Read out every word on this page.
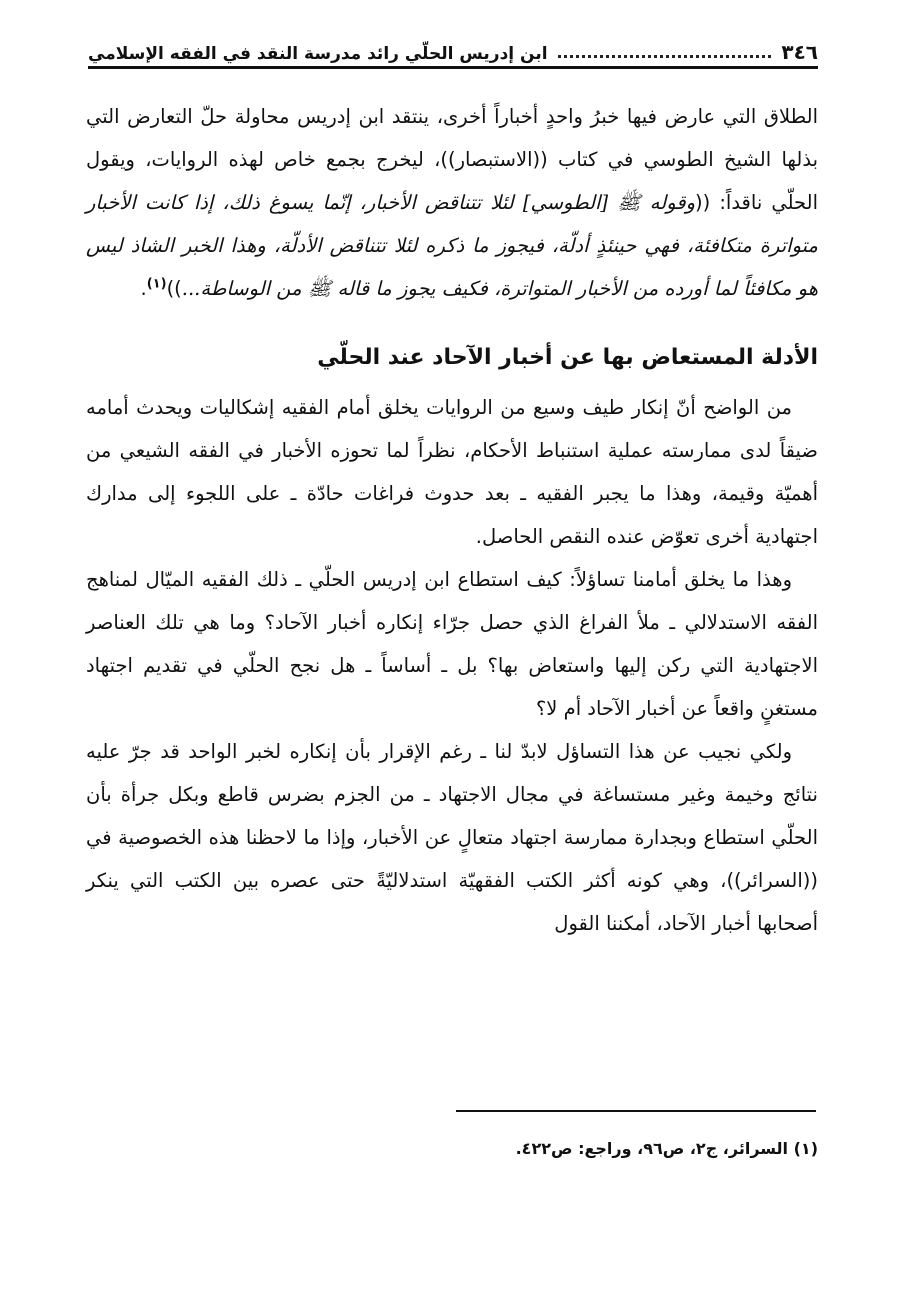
٣٤٦
ابن إدريس الحلّي رائد مدرسة النقد في الفقه الإسلامي

الطلاق التي عارض فيها خبرُ واحدٍ أخباراً أخرى، ينتقد ابن إدريس محاولة حلّ التعارض التي بذلها الشيخ الطوسي في كتاب ((الاستبصار))، ليخرج بجمع خاص لهذه الروايات، ويقول الحلّي ناقداً: ((وقوله ﷺ [الطوسي] لئلا تتناقض الأخبار، إنّما يسوغ ذلك، إذا كانت الأخبار متواترة متكافئة، فهي حينئذٍ أدلّة، فيجوز ما ذكره لئلا تتناقض الأدلّة، وهذا الخبر الشاذ ليس هو مكافئاً لما أورده من الأخبار المتواترة، فكيف يجوز ما قاله ﷺ من الوساطة...))$^{(١)}$.

الأدلة المستعاض بها عن أخبار الآحاد عند الحلّي

من الواضح أنّ إنكار طيف وسيع من الروايات يخلق أمام الفقيه إشكاليات ويحدث أمامه ضيقاً لدى ممارسته عملية استنباط الأحكام، نظراً لما تحوزه الأخبار في الفقه الشيعي من أهميّة وقيمة، وهذا ما يجبر الفقيه ـ بعد حدوث فراغات حادّة ـ على اللجوء إلى مدارك اجتهادية أخرى تعوّض عنده النقص الحاصل.

وهذا ما يخلق أمامنا تساؤلاً: كيف استطاع ابن إدريس الحلّي ـ ذلك الفقيه الميّال لمناهج الفقه الاستدلالي ـ ملأ الفراغ الذي حصل جرّاء إنكاره أخبار الآحاد؟ وما هي تلك العناصر الاجتهادية التي ركن إليها واستعاض بها؟ بل ـ أساساً ـ هل نجح الحلّي في تقديم اجتهاد مستغنٍ واقعاً عن أخبار الآحاد أم لا؟

ولكي نجيب عن هذا التساؤل لابدّ لنا ـ رغم الإقرار بأن إنكاره لخبر الواحد قد جرّ عليه نتائج وخيمة وغير مستساغة في مجال الاجتهاد ـ من الجزم بضرس قاطع وبكل جرأة بأن الحلّي استطاع وبجدارة ممارسة اجتهاد متعالٍ عن الأخبار، وإذا ما لاحظنا هذه الخصوصية في ((السرائر))، وهي كونه أكثر الكتب الفقهيّة استدلاليّةً حتى عصره بين الكتب التي ينكر أصحابها أخبار الآحاد، أمكننا القول

(١) السرائر، ج٢، ص٩٦، وراجع: ص٤٢٢.
